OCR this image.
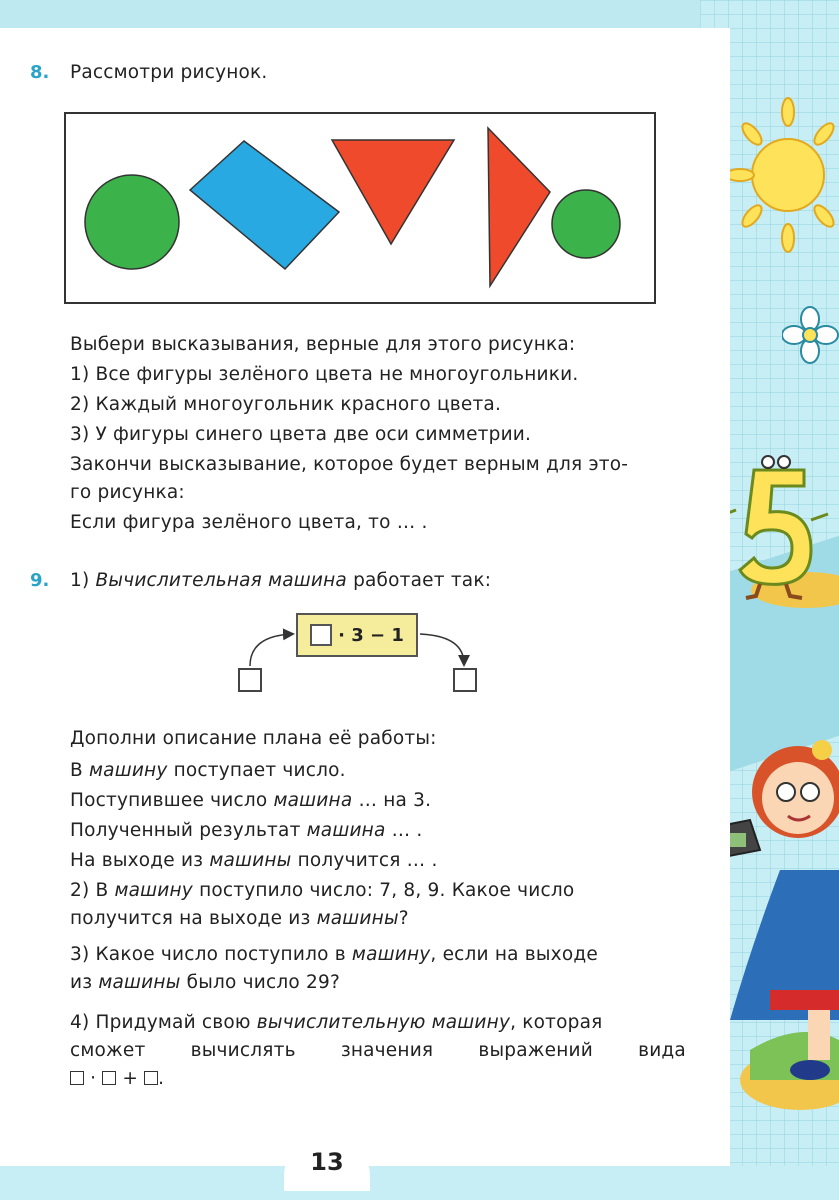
8. Рассмотри рисунок.
Выбери высказывания, верные для этого рисунка:
1) Все фигуры зелёного цвета не многоугольники.
2) Каждый многоугольник красного цвета.
3) У фигуры синего цвета две оси симметрии.
Закончи высказывание, которое будет верным для это-
го рисунка:
Если фигура зелёного цвета, то … .
9. 1) Вычислительная машина работает так:
· 3 − 1
Дополни описание плана её работы:
В машину поступает число.
Поступившее число машина … на 3.
Полученный результат машина … .
На выходе из машины получится … .
2) В машину поступило число: 7, 8, 9. Какое число
получится на выходе из машины?
3) Какое число поступило в машину, если на выходе
из машины было число 29?
4) Придумай свою вычислительную машину, которая
сможет вычислять значения выражений вида
· + .
13
